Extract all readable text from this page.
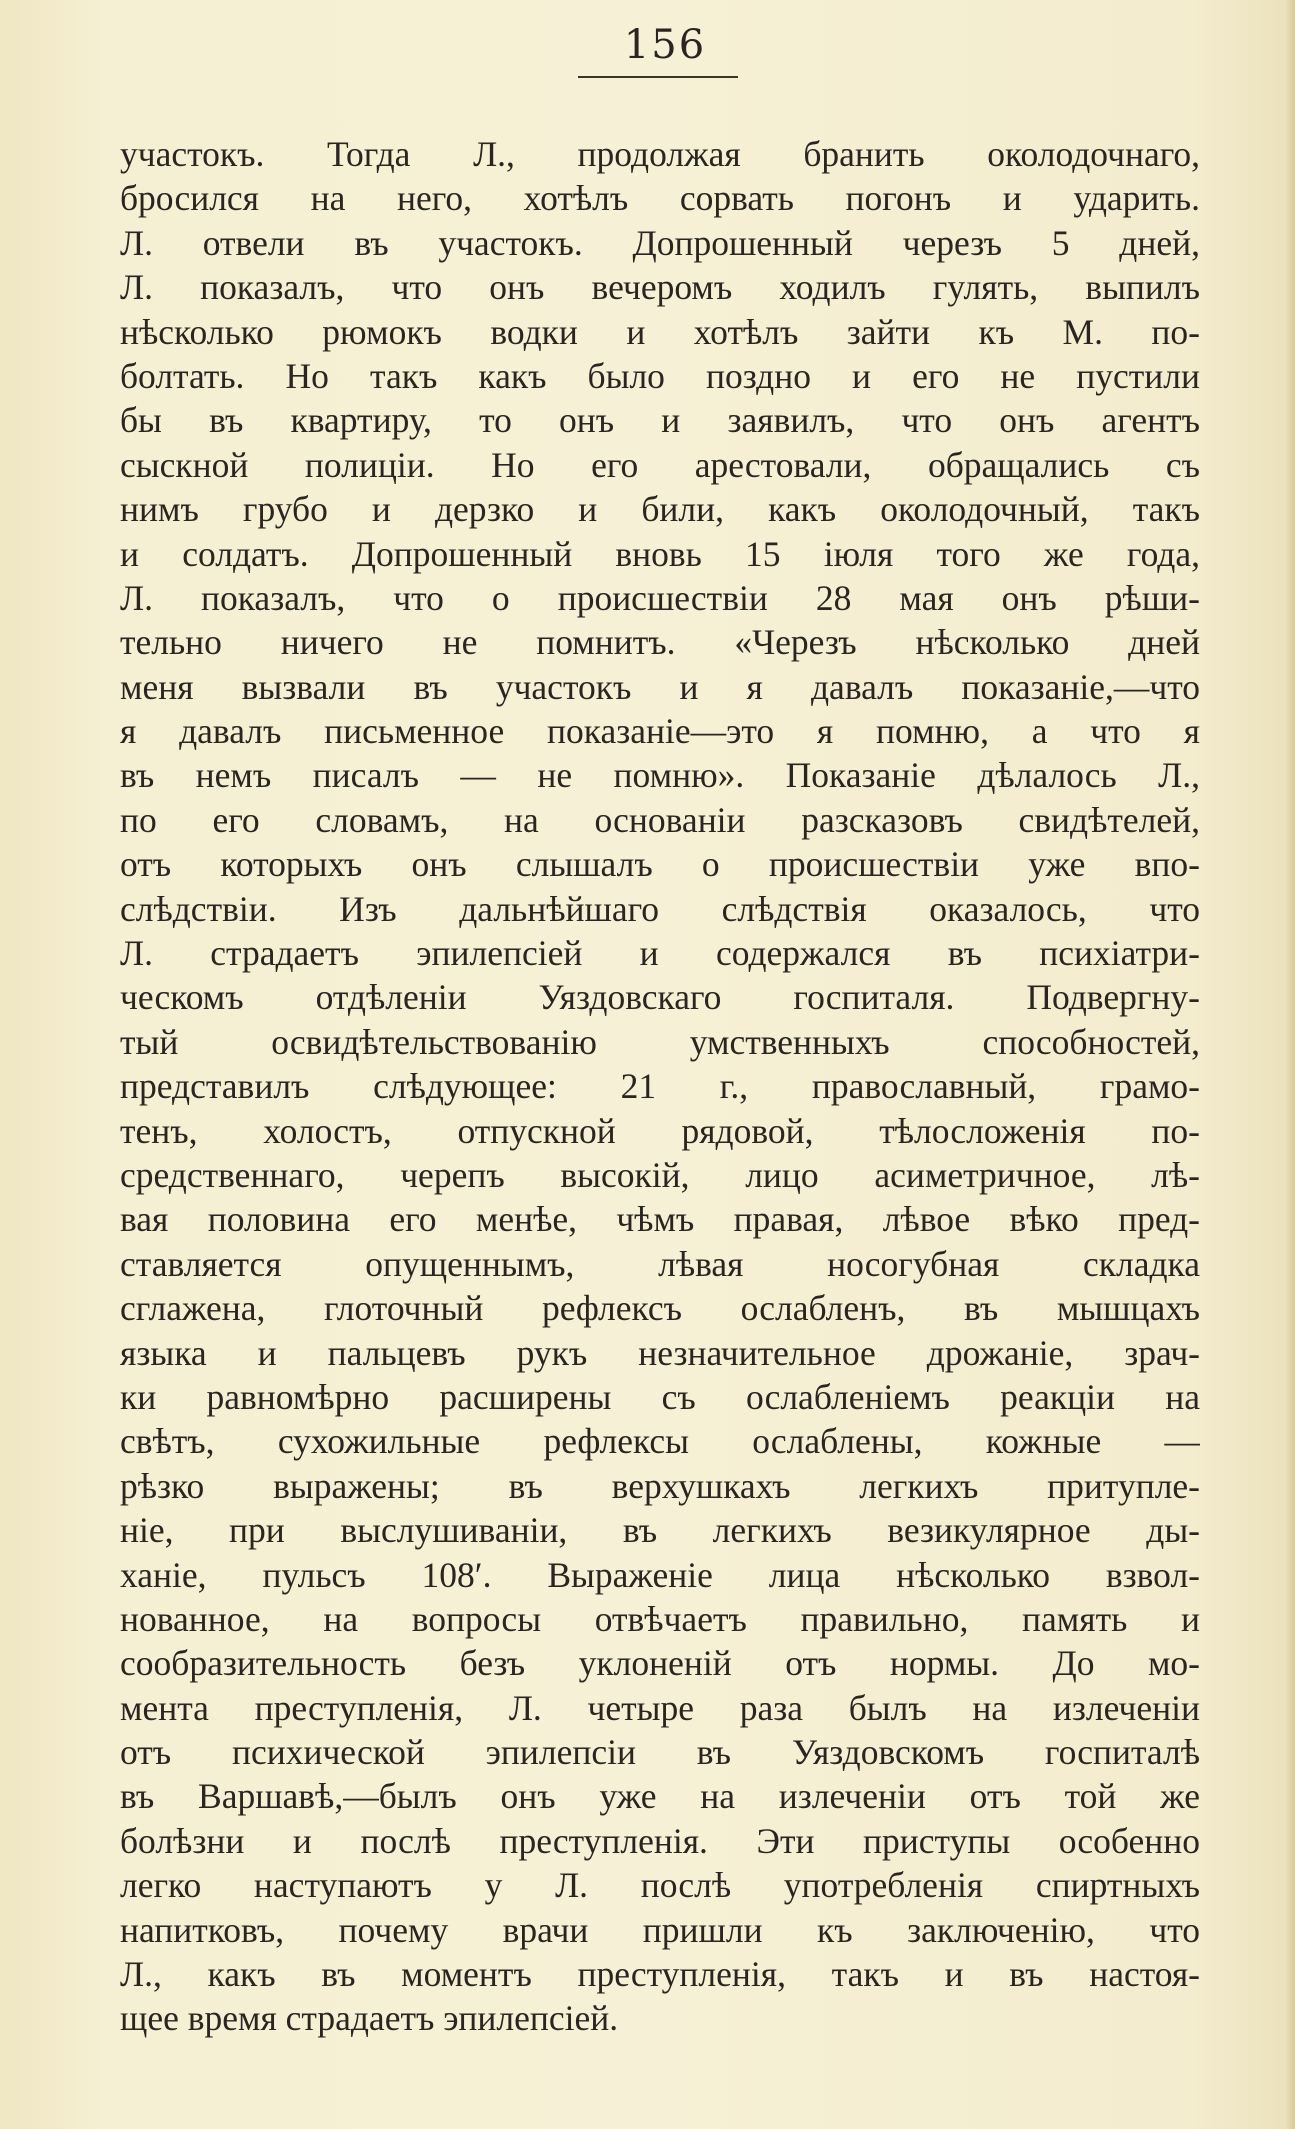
156
участокъ. Тогда Л., продолжая бранить околодочнаго,
бросился на него, хотѣлъ сорвать погонъ и ударить.
Л. отвели въ участокъ. Допрошенный черезъ 5 дней,
Л. показалъ, что онъ вечеромъ ходилъ гулять, выпилъ
нѣсколько рюмокъ водки и хотѣлъ зайти къ М. по-
болтать. Но такъ какъ было поздно и его не пустили
бы въ квартиру, то онъ и заявилъ, что онъ агентъ
сыскной полиціи. Но его арестовали, обращались съ
нимъ грубо и дерзко и били, какъ околодочный, такъ
и солдатъ. Допрошенный вновь 15 іюля того же года,
Л. показалъ, что о происшествіи 28 мая онъ рѣши-
тельно ничего не помнитъ. «Черезъ нѣсколько дней
меня вызвали въ участокъ и я давалъ показаніе,—что
я давалъ письменное показаніе—это я помню, а что я
въ немъ писалъ — не помню». Показаніе дѣлалось Л.,
по его словамъ, на основаніи разсказовъ свидѣтелей,
отъ которыхъ онъ слышалъ о происшествіи уже впо-
слѣдствіи. Изъ дальнѣйшаго слѣдствія оказалось, что
Л. страдаетъ эпилепсіей и содержался въ психіатри-
ческомъ отдѣленіи Уяздовскаго госпиталя. Подвергну-
тый освидѣтельствованію умственныхъ способностей,
представилъ слѣдующее: 21 г., православный, грамо-
тенъ, холостъ, отпускной рядовой, тѣлосложенія по-
средственнаго, черепъ высокій, лицо асиметричное, лѣ-
вая половина его менѣе, чѣмъ правая, лѣвое вѣко пред-
ставляется опущеннымъ, лѣвая носогубная складка
сглажена, глоточный рефлексъ ослабленъ, въ мышцахъ
языка и пальцевъ рукъ незначительное дрожаніе, зрач-
ки равномѣрно расширены съ ослабленіемъ реакціи на
свѣтъ, сухожильные рефлексы ослаблены, кожные —
рѣзко выражены; въ верхушкахъ легкихъ притупле-
ніе, при выслушиваніи, въ легкихъ везикулярное ды-
ханіе, пульсъ 108′. Выраженіе лица нѣсколько взвол-
нованное, на вопросы отвѣчаетъ правильно, память и
сообразительность безъ уклоненій отъ нормы. До мо-
мента преступленія, Л. четыре раза былъ на излеченіи
отъ психической эпилепсіи въ Уяздовскомъ госпиталѣ
въ Варшавѣ,—былъ онъ уже на излеченіи отъ той же
болѣзни и послѣ преступленія. Эти приступы особенно
легко наступаютъ у Л. послѣ употребленія спиртныхъ
напитковъ, почему врачи пришли къ заключенію, что
Л., какъ въ моментъ преступленія, такъ и въ настоя-
щее время страдаетъ эпилепсіей.
